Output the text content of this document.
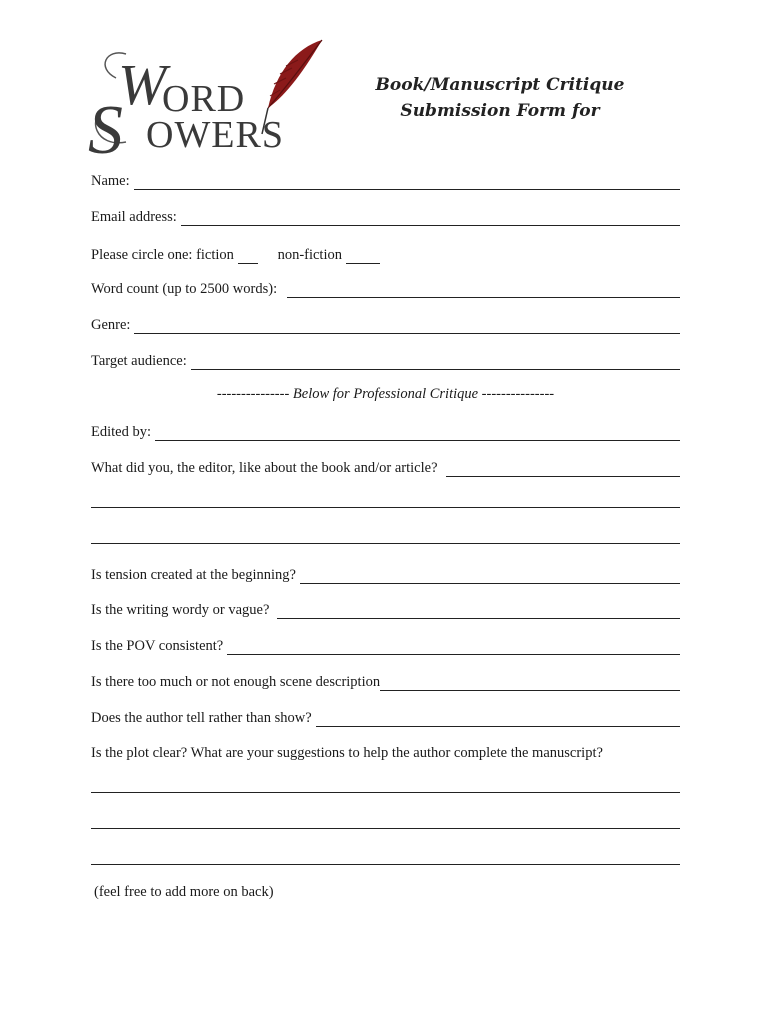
W
ORD
S OWERS
Book/Manuscript Critique
Submission Form for
Name:
Email address:
Please circle one: fiction	non-fiction
Word count (up to 2500 words):
Genre:
Target audience:
--------------- Below for Professional Critique ---------------
Edited by:
What did you, the editor, like about the book and/or article?
Is tension created at the beginning?
Is the writing wordy or vague?
Is the POV consistent?
Is there too much or not enough scene description
Does the author tell rather than show?
Is the plot clear? What are your suggestions to help the author complete the manuscript?
(feel free to add more on back)
